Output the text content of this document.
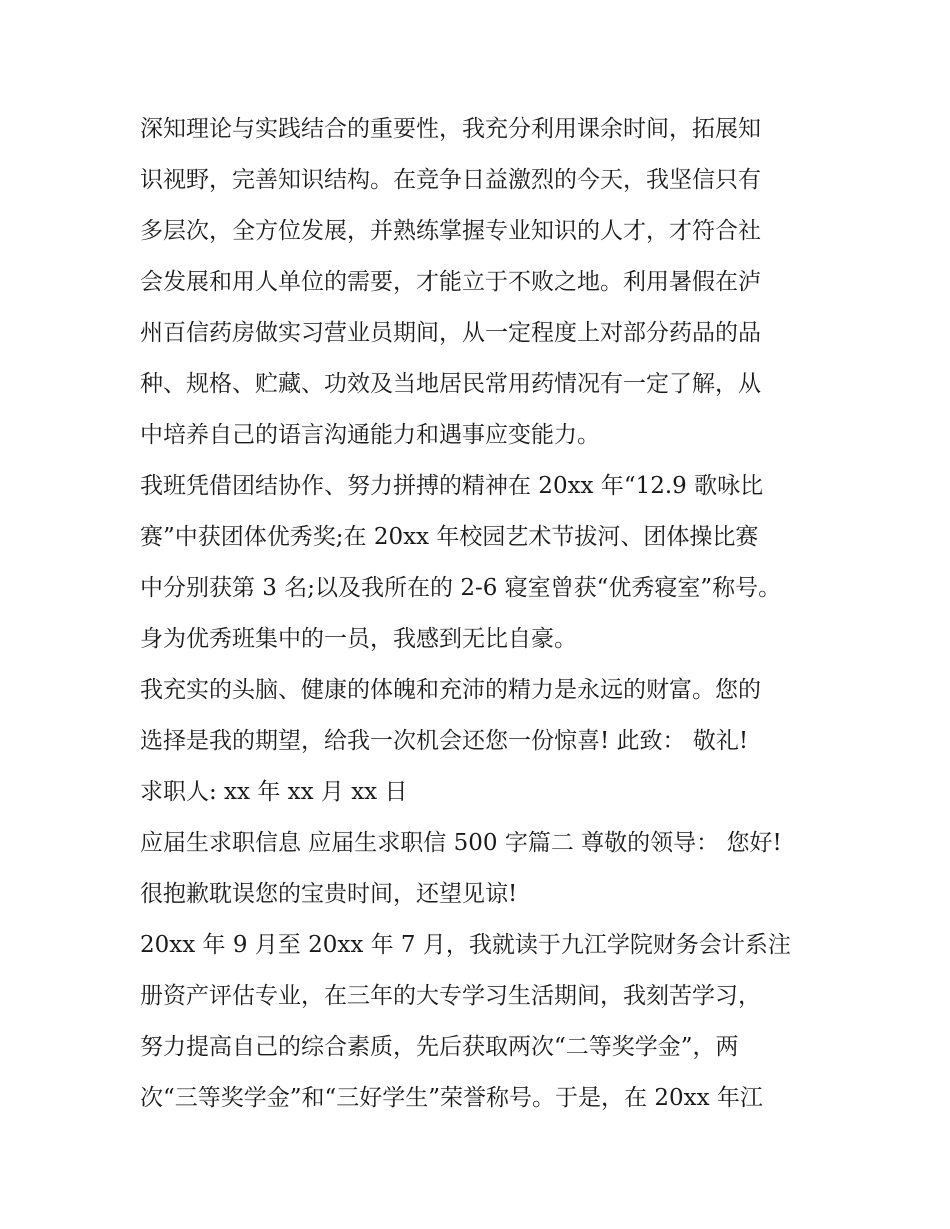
深知理论与实践结合的重要性，我充分利用课余时间，拓展知
识视野，完善知识结构。在竞争日益激烈的今天，我坚信只有
多层次，全方位发展，并熟练掌握专业知识的人才，才符合社
会发展和用人单位的需要，才能立于不败之地。利用暑假在泸
州百信药房做实习营业员期间，从一定程度上对部分药品的品
种、规格、贮藏、功效及当地居民常用药情况有一定了解，从
中培养自己的语言沟通能力和遇事应变能力。
我班凭借团结协作、努力拼搏的精神在 20xx 年“12.9 歌咏比
赛”中获团体优秀奖;在 20xx 年校园艺术节拔河、团体操比赛
中分别获第 3 名;以及我所在的 2-6 寝室曾获“优秀寝室”称号。
身为优秀班集中的一员，我感到无比自豪。
我充实的头脑、健康的体魄和充沛的精力是永远的财富。您的
选择是我的期望，给我一次机会还您一份惊喜! 此致： 敬礼!
求职人: xx 年 xx 月 xx 日
应届生求职信息 应届生求职信 500 字篇二 尊敬的领导： 您好!
很抱歉耽误您的宝贵时间，还望见谅!
20xx 年 9 月至 20xx 年 7 月，我就读于九江学院财务会计系注
册资产评估专业，在三年的大专学习生活期间，我刻苦学习，
努力提高自己的综合素质，先后获取两次“二等奖学金”，两
次“三等奖学金”和“三好学生”荣誉称号。于是，在 20xx 年江
